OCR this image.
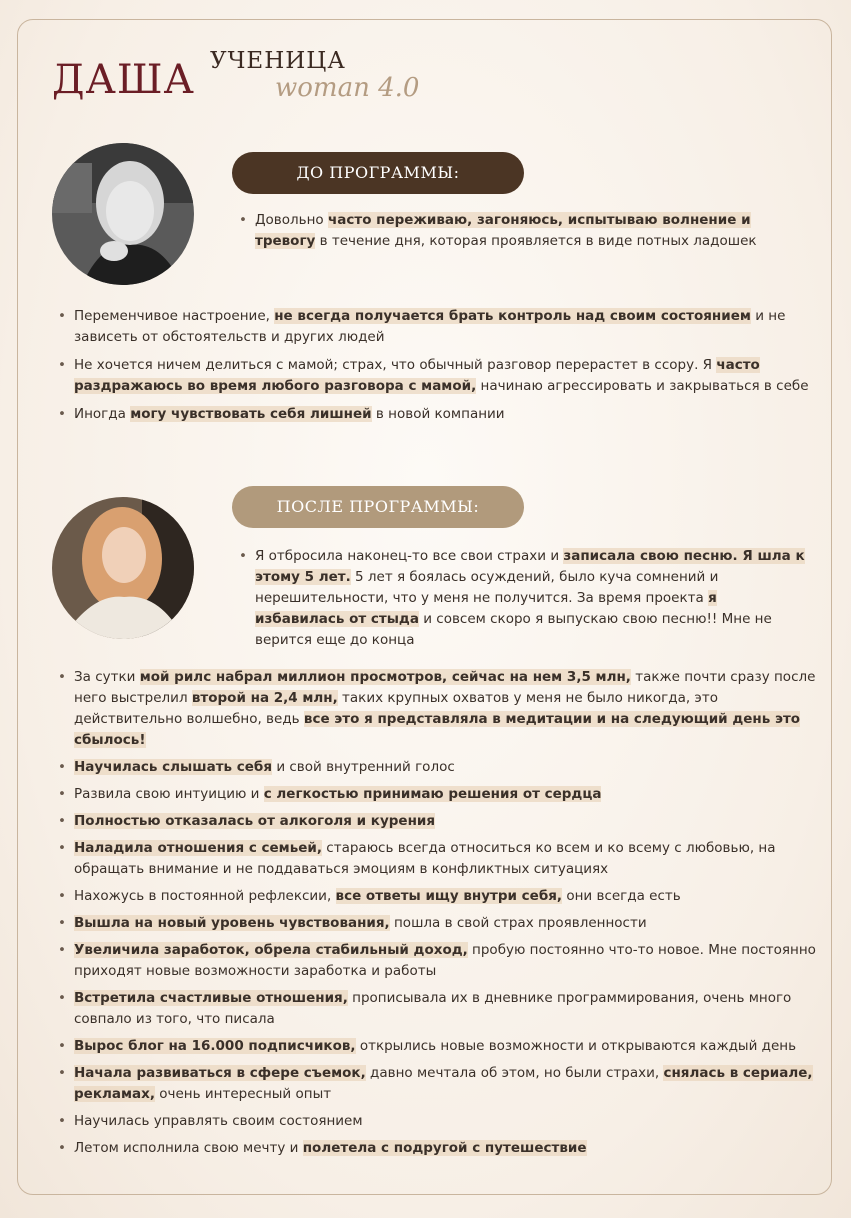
ДАША УЧЕНИЦА
woman 4.0
ДО ПРОГРАММЫ:
• Довольно часто переживаю, загоняюсь, испытываю волнение и тревогу в течение дня, которая проявляется в виде потных ладошек
• Переменчивое настроение, не всегда получается брать контроль над своим состоянием и не зависеть от обстоятельств и других людей
• Не хочется ничем делиться с мамой; страх, что обычный разговор перерастет в ссору. Я часто раздражаюсь во время любого разговора с мамой, начинаю агрессировать и закрываться в себе
• Иногда могу чувствовать себя лишней в новой компании
ПОСЛЕ ПРОГРАММЫ:
• Я отбросила наконец-то все свои страхи и записала свою песню. Я шла к этому 5 лет. 5 лет я боялась осуждений, было куча сомнений и нерешительности, что у меня не получится. За время проекта я избавилась от стыда и совсем скоро я выпускаю свою песню!! Мне не верится еще до конца
• За сутки мой рилс набрал миллион просмотров, сейчас на нем 3,5 млн, также почти сразу после него выстрелил второй на 2,4 млн, таких крупных охватов у меня не было никогда, это действительно волшебно, ведь все это я представляла в медитации и на следующий день это сбылось!
• Научилась слышать себя и свой внутренний голос
• Развила свою интуицию и с легкостью принимаю решения от сердца
• Полностью отказалась от алкоголя и курения
• Наладила отношения с семьей, стараюсь всегда относиться ко всем и ко всему с любовью, на обращать внимание и не поддаваться эмоциям в конфликтных ситуациях
• Нахожусь в постоянной рефлексии, все ответы ищу внутри себя, они всегда есть
• Вышла на новый уровень чувствования, пошла в свой страх проявленности
• Увеличила заработок, обрела стабильный доход, пробую постоянно что-то новое. Мне постоянно приходят новые возможности заработка и работы
• Встретила счастливые отношения, прописывала их в дневнике программирования, очень много совпало из того, что писала
• Вырос блог на 16.000 подписчиков, открылись новые возможности и открываются каждый день
• Начала развиваться в сфере съемок, давно мечтала об этом, но были страхи, снялась в сериале, рекламах, очень интересный опыт
• Научилась управлять своим состоянием
• Летом исполнила свою мечту и полетела с подругой с путешествие
